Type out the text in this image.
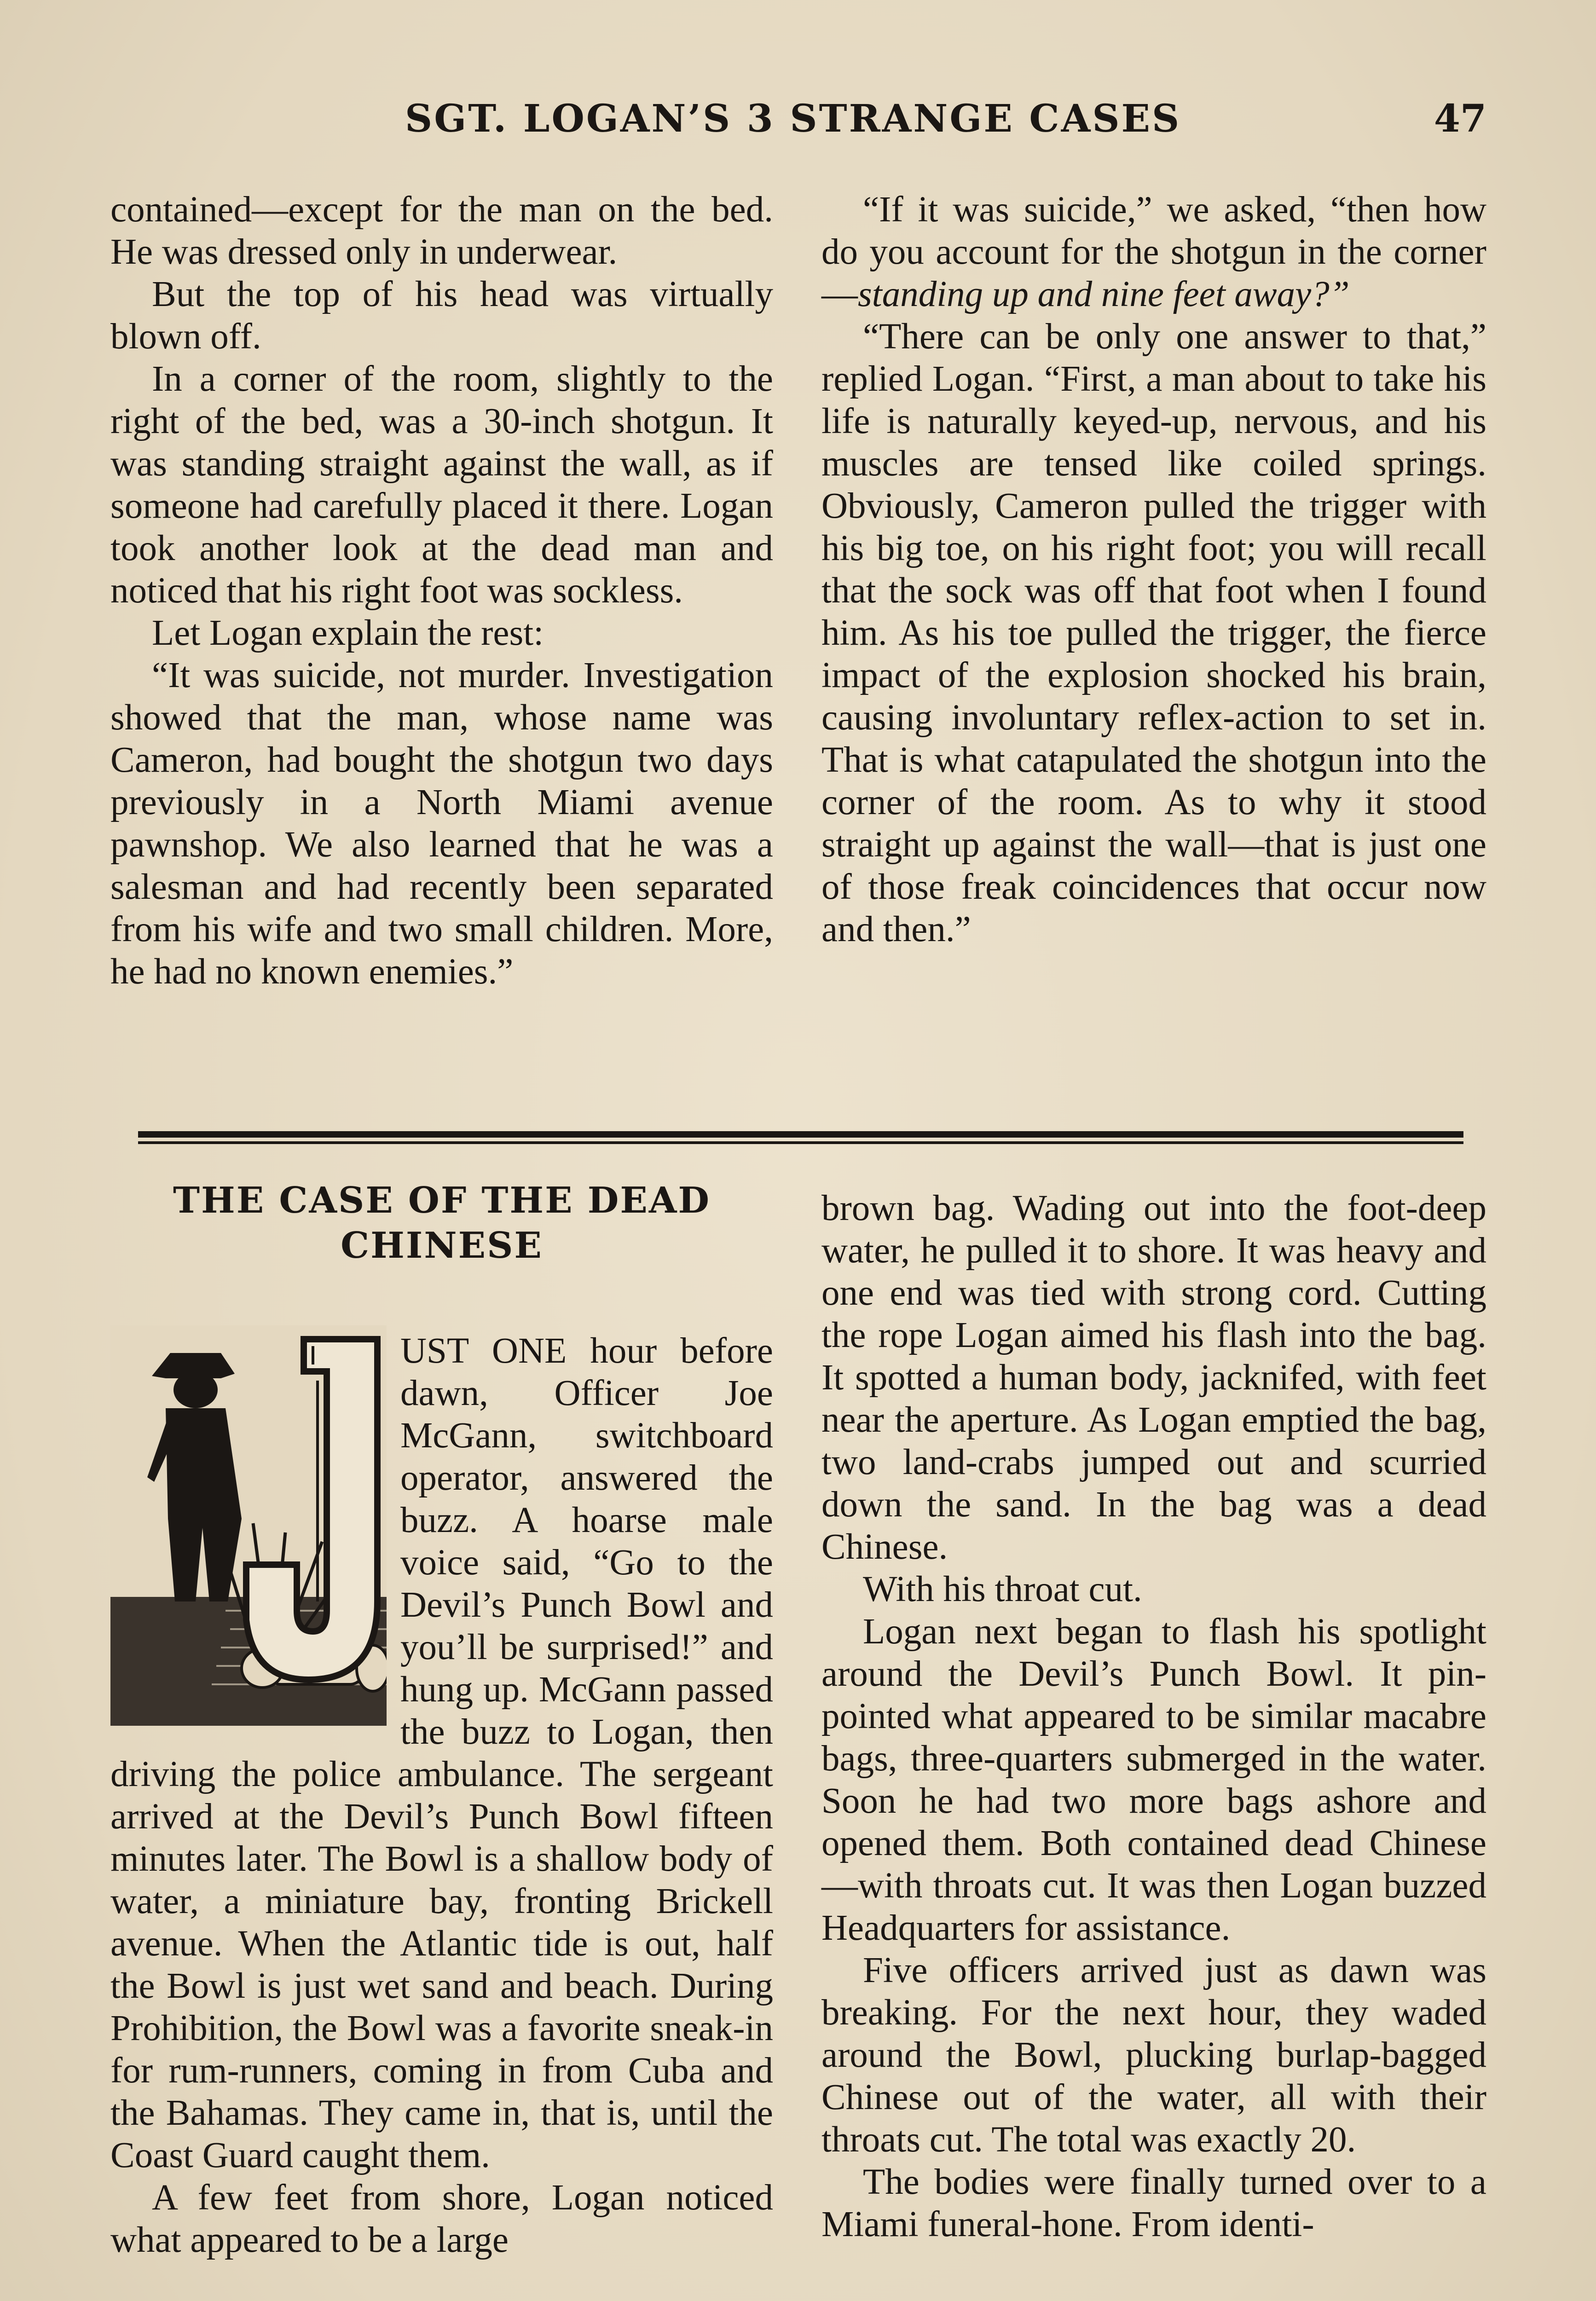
SGT. LOGAN’S 3 STRANGE CASES	47

contained—except for the man on the bed. He was dressed only in underwear.

But the top of his head was virtually blown off.

In a corner of the room, slightly to the right of the bed, was a 30-inch shotgun. It was standing straight against the wall, as if someone had carefully placed it there. Logan took another look at the dead man and noticed that his right foot was sockless.

Let Logan explain the rest:

“It was suicide, not murder. Investigation showed that the man, whose name was Cameron, had bought the shotgun two days previously in a North Miami avenue pawnshop. We also learned that he was a salesman and had recently been separated from his wife and two small children. More, he had no known enemies.”

“If it was suicide,” we asked, “then how do you account for the shotgun in the corner—standing up and nine feet away?”

“There can be only one answer to that,” replied Logan. “First, a man about to take his life is naturally keyed-up, nervous, and his muscles are tensed like coiled springs. Obviously, Cameron pulled the trigger with his big toe, on his right foot; you will recall that the sock was off that foot when I found him. As his toe pulled the trigger, the fierce impact of the explosion shocked his brain, causing involuntary reflex-action to set in. That is what catapulated the shotgun into the corner of the room. As to why it stood straight up against the wall—that is just one of those freak coincidences that occur now and then.”

THE CASE OF THE DEAD
CHINESE

UST ONE hour before dawn, Officer Joe McGann, switchboard operator, answered the buzz. A hoarse male voice said, “Go to the Devil’s Punch Bowl and you’ll be surprised!” and hung up. McGann passed the buzz to Logan, then driving the police ambulance. The sergeant arrived at the Devil’s Punch Bowl fifteen minutes later. The Bowl is a shallow body of water, a miniature bay, fronting Brickell avenue. When the Atlantic tide is out, half the Bowl is just wet sand and beach. During Prohibition, the Bowl was a favorite sneak-in for rum-runners, coming in from Cuba and the Bahamas. They came in, that is, until the Coast Guard caught them.

A few feet from shore, Logan noticed what appeared to be a large

brown bag. Wading out into the foot-deep water, he pulled it to shore. It was heavy and one end was tied with strong cord. Cutting the rope Logan aimed his flash into the bag. It spotted a human body, jacknifed, with feet near the aperture. As Logan emptied the bag, two land-crabs jumped out and scurried down the sand. In the bag was a dead Chinese.

With his throat cut.

Logan next began to flash his spotlight around the Devil’s Punch Bowl. It pin-pointed what appeared to be similar macabre bags, three-quarters submerged in the water. Soon he had two more bags ashore and opened them. Both contained dead Chinese—with throats cut. It was then Logan buzzed Headquarters for assistance.

Five officers arrived just as dawn was breaking. For the next hour, they waded around the Bowl, plucking burlap-bagged Chinese out of the water, all with their throats cut. The total was exactly 20.

The bodies were finally turned over to a Miami funeral-hone. From identi-
